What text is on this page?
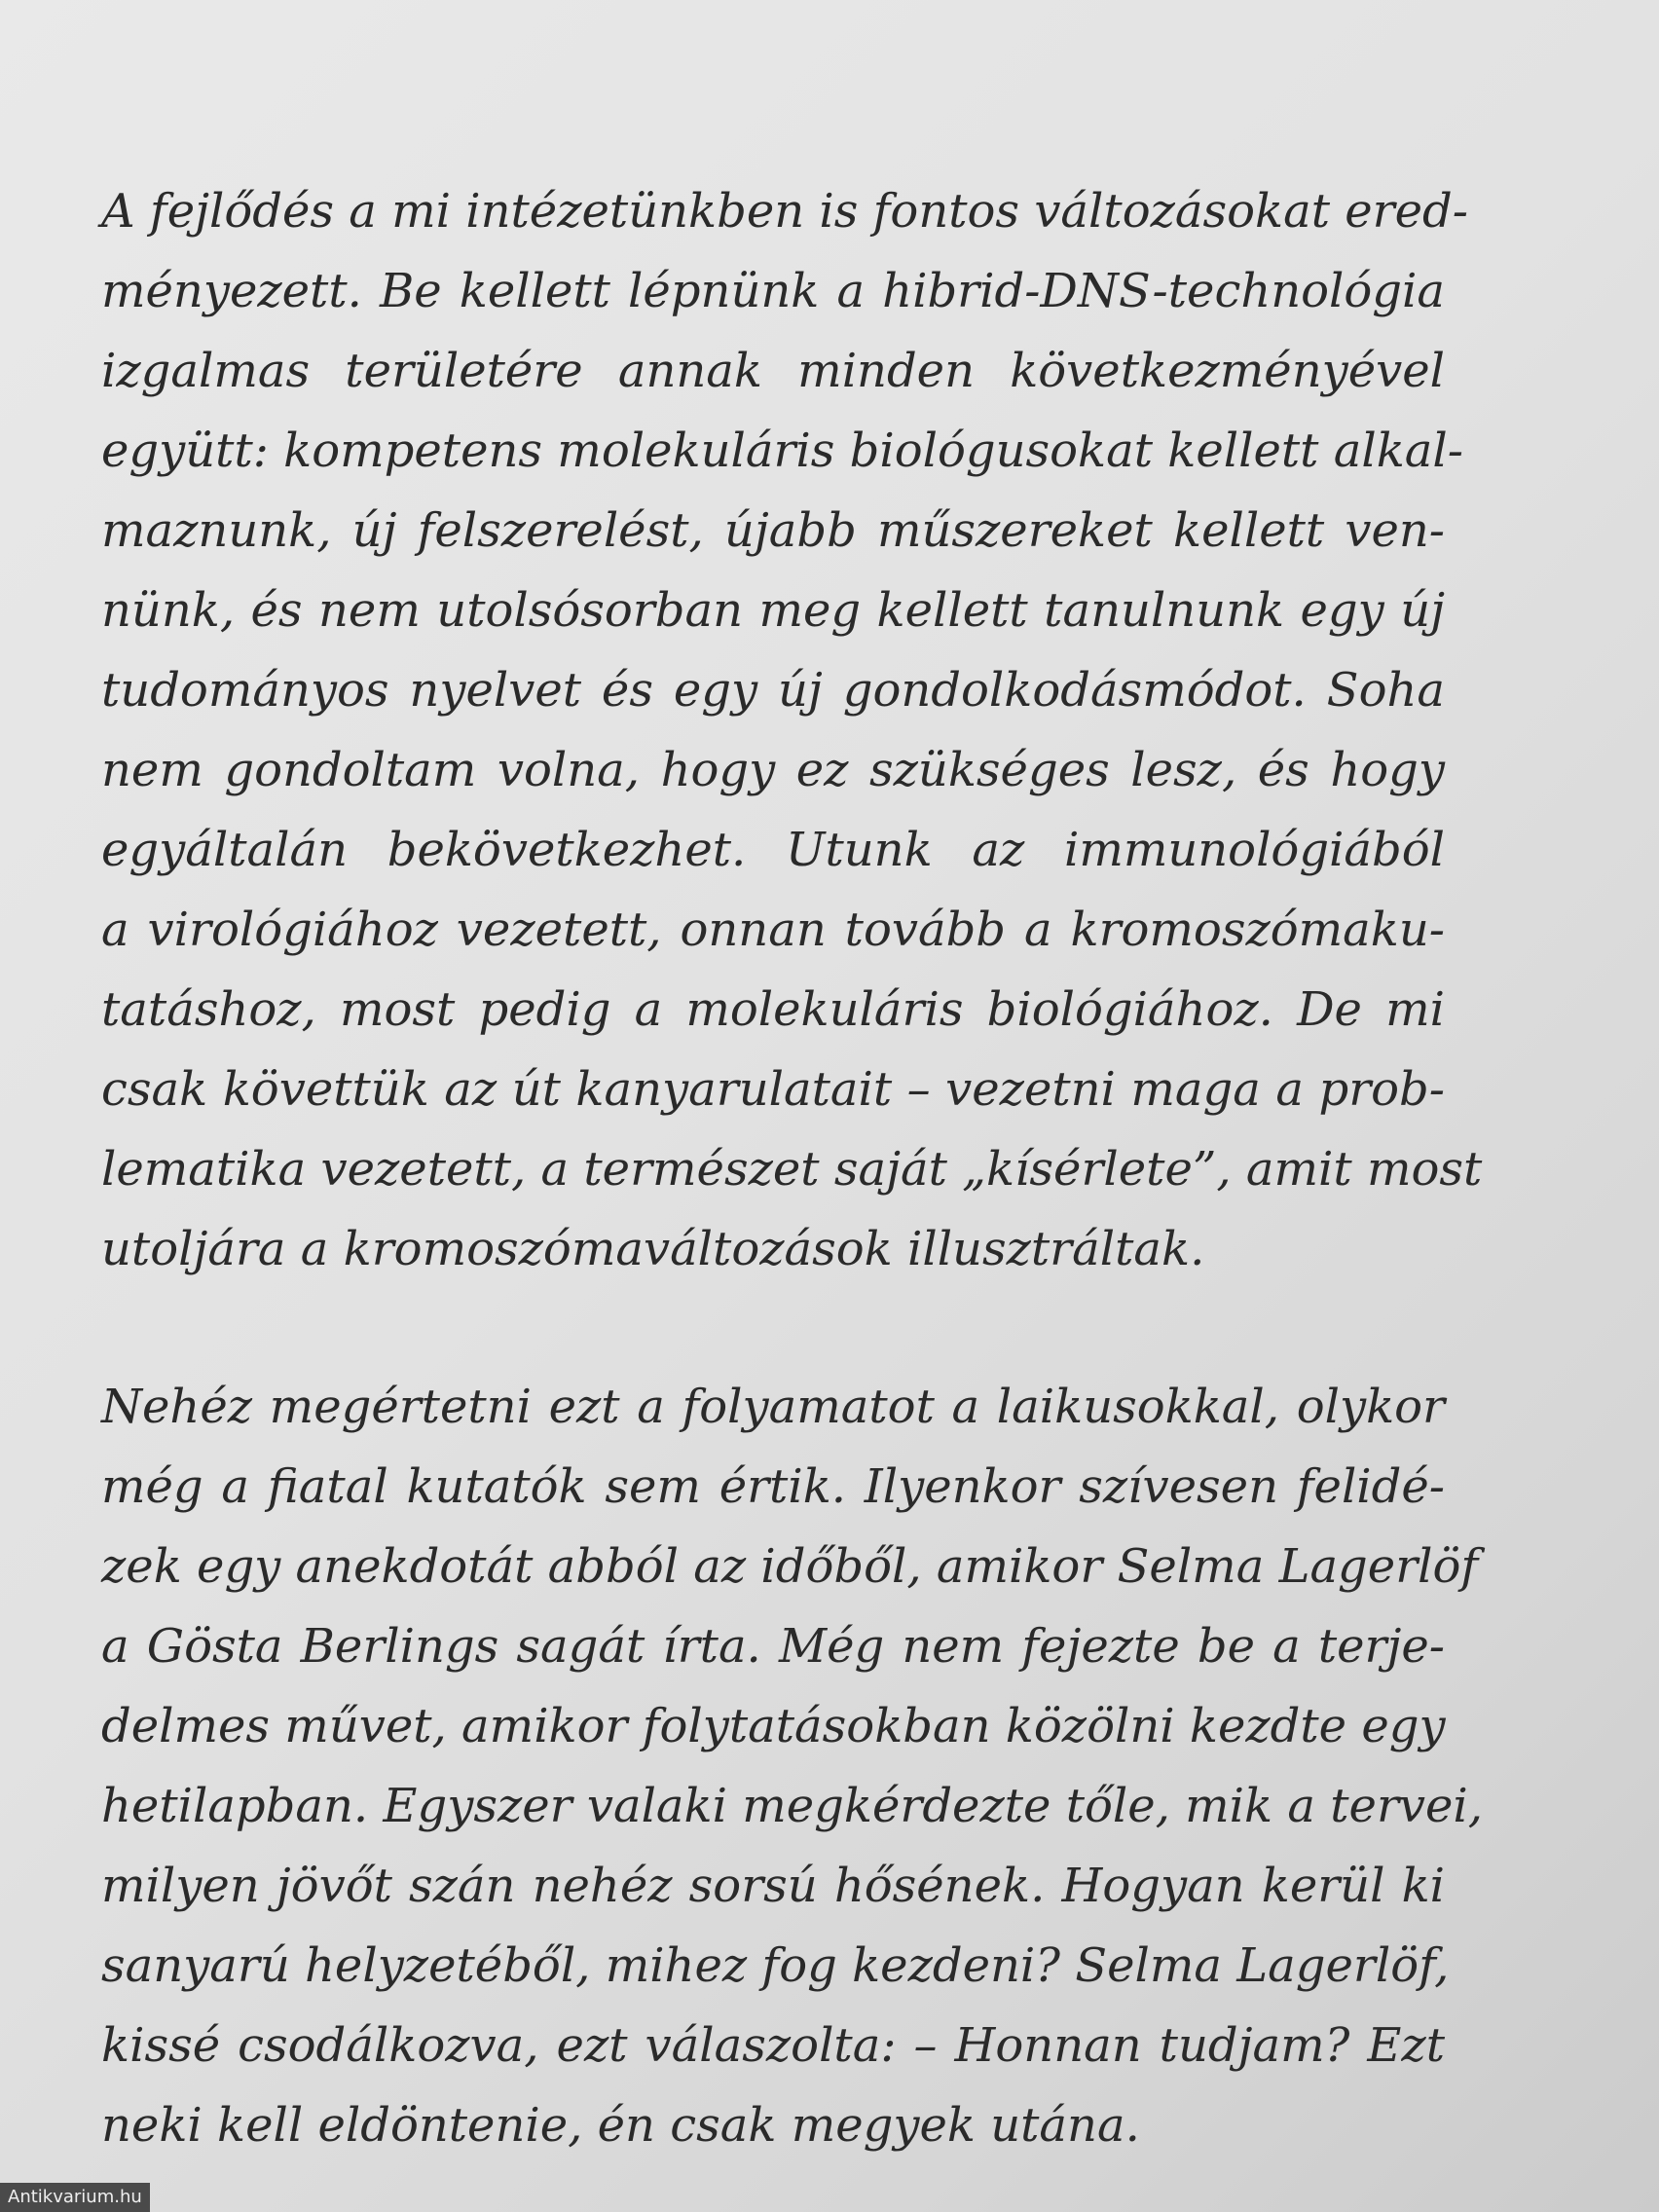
A fejlődés a mi intézetünkben is fontos változásokat ered-
ményezett. Be kellett lépnünk a hibrid-DNS-technológia
izgalmas területére annak minden következményével
együtt: kompetens molekuláris biológusokat kellett alkal-
maznunk, új felszerelést, újabb műszereket kellett ven-
nünk, és nem utolsósorban meg kellett tanulnunk egy új
tudományos nyelvet és egy új gondolkodásmódot. Soha
nem gondoltam volna, hogy ez szükséges lesz, és hogy
egyáltalán bekövetkezhet. Utunk az immunológiából
a virológiához vezetett, onnan tovább a kromoszómaku-
tatáshoz, most pedig a molekuláris biológiához. De mi
csak követtük az út kanyarulatait – vezetni maga a prob-
lematika vezetett, a természet saját „kísérlete”, amit most
utoljára a kromoszómaváltozások illusztráltak.

Nehéz megértetni ezt a folyamatot a laikusokkal, olykor
még a fiatal kutatók sem értik. Ilyenkor szívesen felidé-
zek egy anekdotát abból az időből, amikor Selma Lagerlöf
a Gösta Berlings sagát írta. Még nem fejezte be a terje-
delmes művet, amikor folytatásokban közölni kezdte egy
hetilapban. Egyszer valaki megkérdezte tőle, mik a tervei,
milyen jövőt szán nehéz sorsú hősének. Hogyan kerül ki
sanyarú helyzetéből, mihez fog kezdeni? Selma Lagerlöf,
kissé csodálkozva, ezt válaszolta: – Honnan tudjam? Ezt
neki kell eldöntenie, én csak megyek utána.

Antikvarium.hu
